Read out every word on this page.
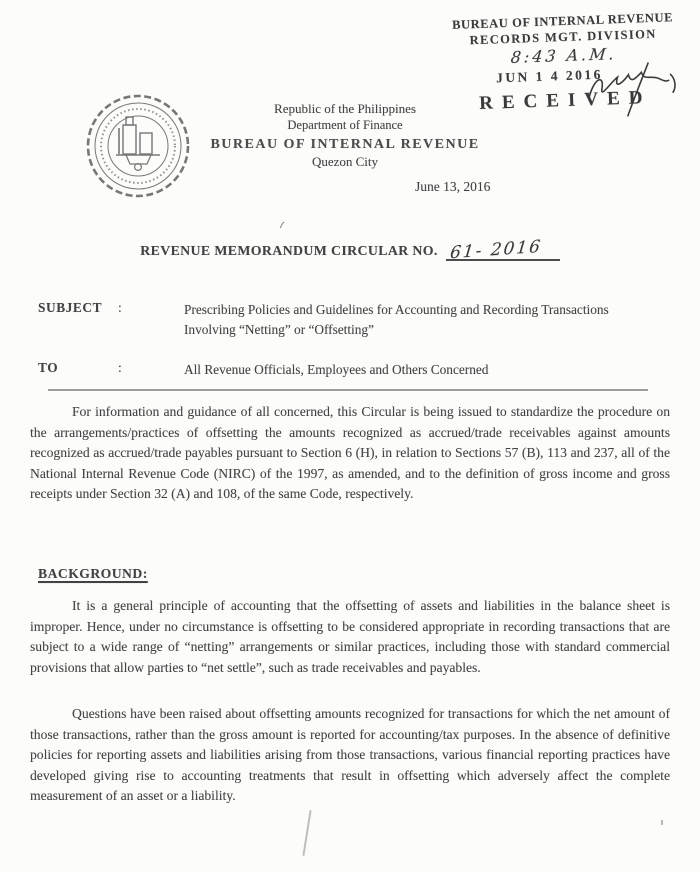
BUREAU OF INTERNAL REVENUE
RECORDS MGT. DIVISION
8:43 A.M.
JUN 1 4 2016
RECEIVED
Republic of the Philippines
Department of Finance
BUREAU OF INTERNAL REVENUE
Quezon City
June 13, 2016
REVENUE MEMORANDUM CIRCULAR NO. 61- 2016
SUBJECT	:	Prescribing Policies and Guidelines for Accounting and Recording Transactions Involving “Netting” or “Offsetting”
TO	:	All Revenue Officials, Employees and Others Concerned

For information and guidance of all concerned, this Circular is being issued to standardize the procedure on the arrangements/practices of offsetting the amounts recognized as accrued/trade receivables against amounts recognized as accrued/trade payables pursuant to Section 6 (H), in relation to Sections 57 (B), 113 and 237, all of the National Internal Revenue Code (NIRC) of the 1997, as amended, and to the definition of gross income and gross receipts under Section 32 (A) and 108, of the same Code, respectively.

BACKGROUND:

It is a general principle of accounting that the offsetting of assets and liabilities in the balance sheet is improper. Hence, under no circumstance is offsetting to be considered appropriate in recording transactions that are subject to a wide range of “netting” arrangements or similar practices, including those with standard commercial provisions that allow parties to “net settle”, such as trade receivables and payables.

Questions have been raised about offsetting amounts recognized for transactions for which the net amount of those transactions, rather than the gross amount is reported for accounting/tax purposes. In the absence of definitive policies for reporting assets and liabilities arising from those transactions, various financial reporting practices have developed giving rise to accounting treatments that result in offsetting which adversely affect the complete measurement of an asset or a liability.
